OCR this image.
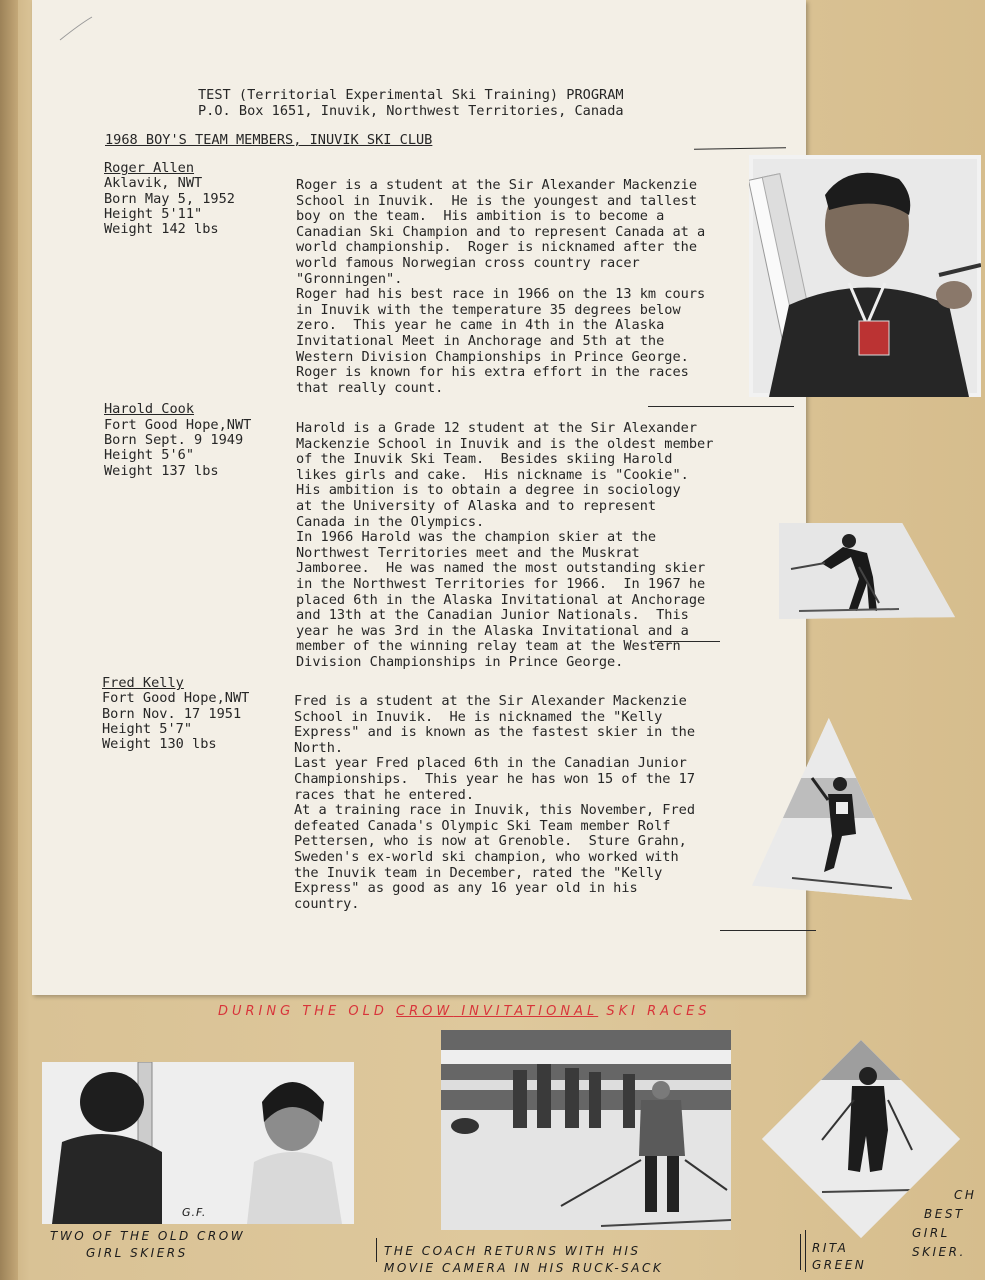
TEST (Territorial Experimental Ski Training) PROGRAM
P.O. Box 1651, Inuvik, Northwest Territories, Canada
1968 BOY'S TEAM MEMBERS, INUVIK SKI CLUB
Roger Allen
Aklavik, NWT
Born May 5, 1952
Height 5'11"
Weight 142 lbs
Roger is a student at the Sir Alexander Mackenzie
School in Inuvik.  He is the youngest and tallest
boy on the team.  His ambition is to become a
Canadian Ski Champion and to represent Canada at a
world championship.  Roger is nicknamed after the
world famous Norwegian cross country racer
"Gronningen".
Roger had his best race in 1966 on the 13 km cours
in Inuvik with the temperature 35 degrees below
zero.  This year he came in 4th in the Alaska
Invitational Meet in Anchorage and 5th at the
Western Division Championships in Prince George.
Roger is known for his extra effort in the races
that really count.
Harold Cook
Fort Good Hope,NWT
Born Sept. 9 1949
Height 5'6"
Weight 137 lbs
Harold is a Grade 12 student at the Sir Alexander
Mackenzie School in Inuvik and is the oldest member
of the Inuvik Ski Team.  Besides skiing Harold
likes girls and cake.  His nickname is "Cookie".
His ambition is to obtain a degree in sociology
at the University of Alaska and to represent
Canada in the Olympics.
In 1966 Harold was the champion skier at the
Northwest Territories meet and the Muskrat
Jamboree.  He was named the most outstanding skier
in the Northwest Territories for 1966.  In 1967 he
placed 6th in the Alaska Invitational at Anchorage
and 13th at the Canadian Junior Nationals.  This
year he was 3rd in the Alaska Invitational and a
member of the winning relay team at the Western
Division Championships in Prince George.
Fred Kelly
Fort Good Hope,NWT
Born Nov. 17 1951
Height 5'7"
Weight 130 lbs
Fred is a student at the Sir Alexander Mackenzie
School in Inuvik.  He is nicknamed the "Kelly
Express" and is known as the fastest skier in the
North.
Last year Fred placed 6th in the Canadian Junior
Championships.  This year he has won 15 of the 17
races that he entered.
At a training race in Inuvik, this November, Fred
defeated Canada's Olympic Ski Team member Rolf
Pettersen, who is now at Grenoble.  Sture Grahn,
Sweden's ex-world ski champion, who worked with
the Inuvik team in December, rated the "Kelly
Express" as good as any 16 year old in his
country.
DURING THE OLD CROW INVITATIONAL SKI RACES
G.F.
TWO OF THE OLD CROW
GIRL SKIERS	THE COACH RETURNS WITH HIS
MOVIE CAMERA IN HIS RUCK-SACK
RITA
GREEN
CH
BEST
GIRL
SKIER.
